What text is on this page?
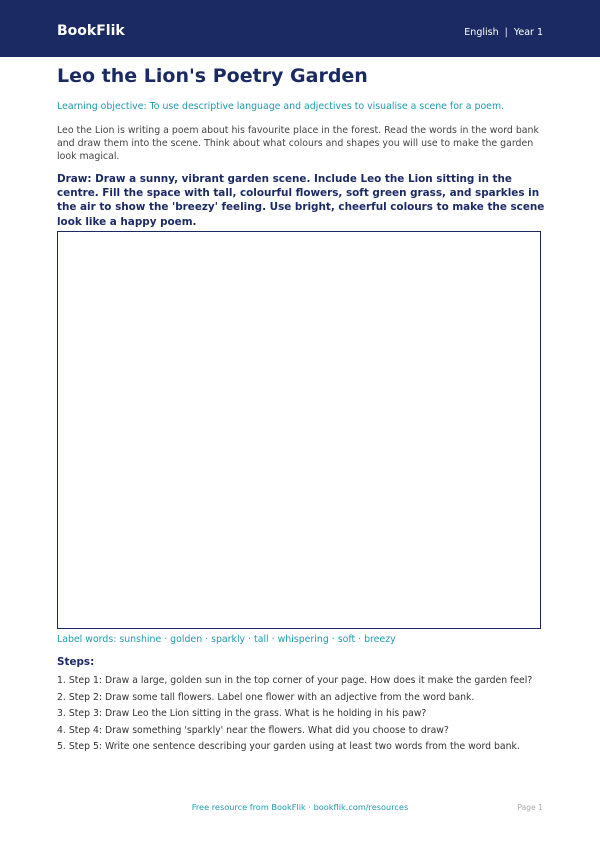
BookFlik	English | Year 1
Leo the Lion's Poetry Garden
Learning objective: To use descriptive language and adjectives to visualise a scene for a poem.
Leo the Lion is writing a poem about his favourite place in the forest. Read the words in the word bank and draw them into the scene. Think about what colours and shapes you will use to make the garden look magical.
Draw: Draw a sunny, vibrant garden scene. Include Leo the Lion sitting in the centre. Fill the space with tall, colourful flowers, soft green grass, and sparkles in the air to show the 'breezy' feeling. Use bright, cheerful colours to make the scene look like a happy poem.
Label words: sunshine · golden · sparkly · tall · whispering · soft · breezy
Steps:
1. Step 1: Draw a large, golden sun in the top corner of your page. How does it make the garden feel?
2. Step 2: Draw some tall flowers. Label one flower with an adjective from the word bank.
3. Step 3: Draw Leo the Lion sitting in the grass. What is he holding in his paw?
4. Step 4: Draw something 'sparkly' near the flowers. What did you choose to draw?
5. Step 5: Write one sentence describing your garden using at least two words from the word bank.
Free resource from BookFlik · bookflik.com/resources	Page 1
